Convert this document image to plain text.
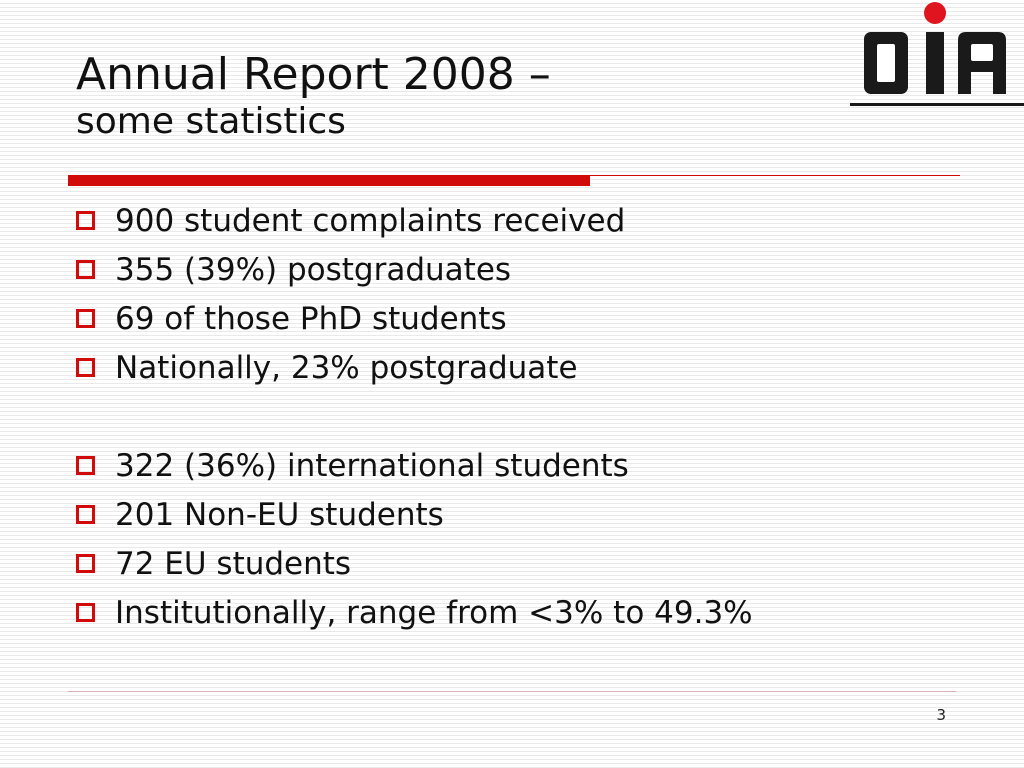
Annual Report 2008 –
some statistics
900 student complaints received
355 (39%) postgraduates
69 of those PhD students
Nationally, 23% postgraduate
322 (36%) international students
201 Non-EU students
72 EU students
Institutionally, range from <3% to 49.3%
3
